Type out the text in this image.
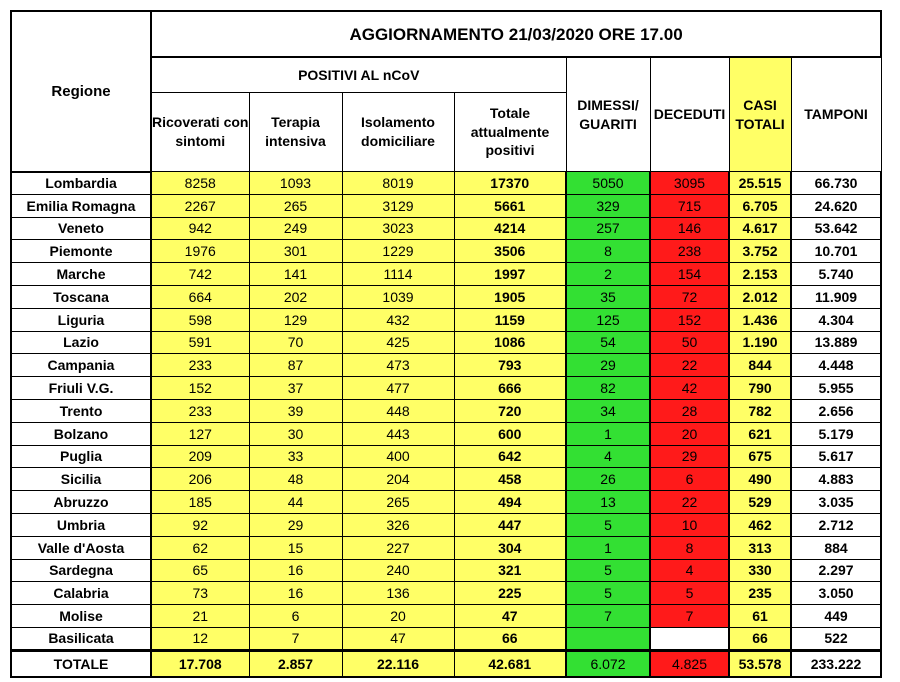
Regione	AGGIORNAMENTO 21/03/2020 ORE 17.00							
	POSITIVI AL nCoV				DIMESSI/ GUARITI	DECEDUTI	CASI TOTALI	TAMPONI
	Ricoverati con sintomi	Terapia intensiva	Isolamento domiciliare	Totale attualmente positivi				
Lombardia	8258	1093	8019	17370	5050	3095	25.515	66.730
Emilia Romagna	2267	265	3129	5661	329	715	6.705	24.620
Veneto	942	249	3023	4214	257	146	4.617	53.642
Piemonte	1976	301	1229	3506	8	238	3.752	10.701
Marche	742	141	1114	1997	2	154	2.153	5.740
Toscana	664	202	1039	1905	35	72	2.012	11.909
Liguria	598	129	432	1159	125	152	1.436	4.304
Lazio	591	70	425	1086	54	50	1.190	13.889
Campania	233	87	473	793	29	22	844	4.448
Friuli V.G.	152	37	477	666	82	42	790	5.955
Trento	233	39	448	720	34	28	782	2.656
Bolzano	127	30	443	600	1	20	621	5.179
Puglia	209	33	400	642	4	29	675	5.617
Sicilia	206	48	204	458	26	6	490	4.883
Abruzzo	185	44	265	494	13	22	529	3.035
Umbria	92	29	326	447	5	10	462	2.712
Valle d'Aosta	62	15	227	304	1	8	313	884
Sardegna	65	16	240	321	5	4	330	2.297
Calabria	73	16	136	225	5	5	235	3.050
Molise	21	6	20	47	7	7	61	449
Basilicata	12	7	47	66			66	522
TOTALE	17.708	2.857	22.116	42.681	6.072	4.825	53.578	233.222
